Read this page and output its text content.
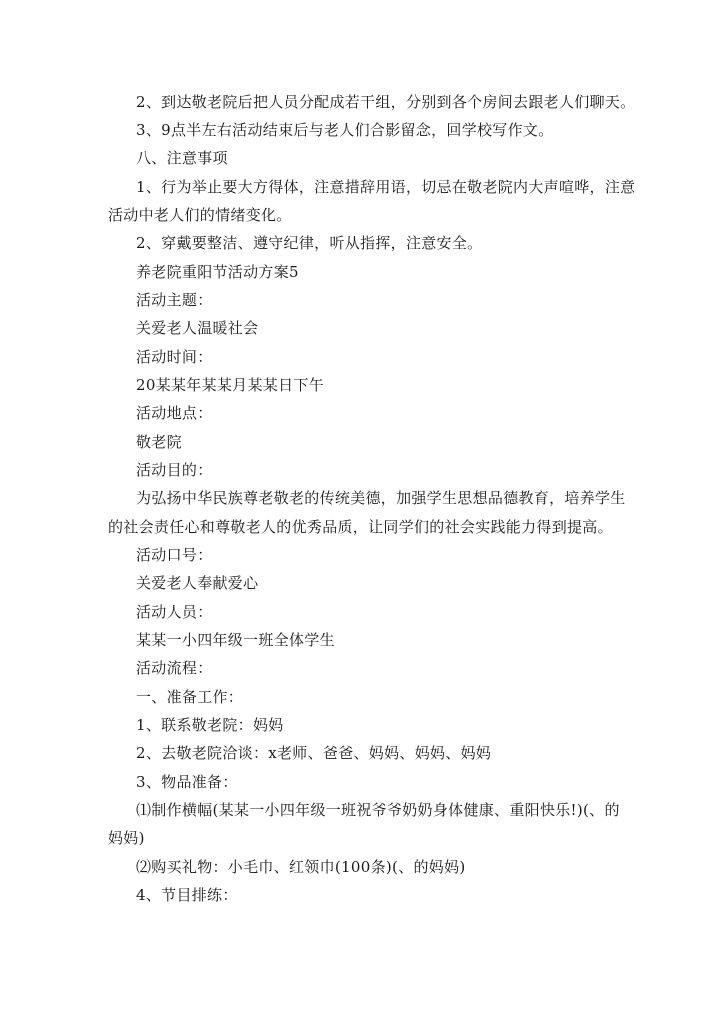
2、到达敬老院后把人员分配成若干组，分别到各个房间去跟老人们聊天。
3、9点半左右活动结束后与老人们合影留念，回学校写作文。
八、注意事项
1、行为举止要大方得体，注意措辞用语，切忌在敬老院内大声喧哗，注意
活动中老人们的情绪变化。
2、穿戴要整洁、遵守纪律，听从指挥，注意安全。
养老院重阳节活动方案5
活动主题：
关爱老人温暖社会
活动时间：
20某某年某某月某某日下午
活动地点：
敬老院
活动目的：
为弘扬中华民族尊老敬老的传统美德，加强学生思想品德教育，培养学生
的社会责任心和尊敬老人的优秀品质，让同学们的社会实践能力得到提高。
活动口号：
关爱老人奉献爱心
活动人员：
某某一小四年级一班全体学生
活动流程：
一、准备工作：
1、联系敬老院：妈妈
2、去敬老院洽谈：x老师、爸爸、妈妈、妈妈、妈妈
3、物品准备：
⑴制作横幅(某某一小四年级一班祝爷爷奶奶身体健康、重阳快乐!)(、的
妈妈)
⑵购买礼物：小毛巾、红领巾(100条)(、的妈妈)
4、节目排练：
